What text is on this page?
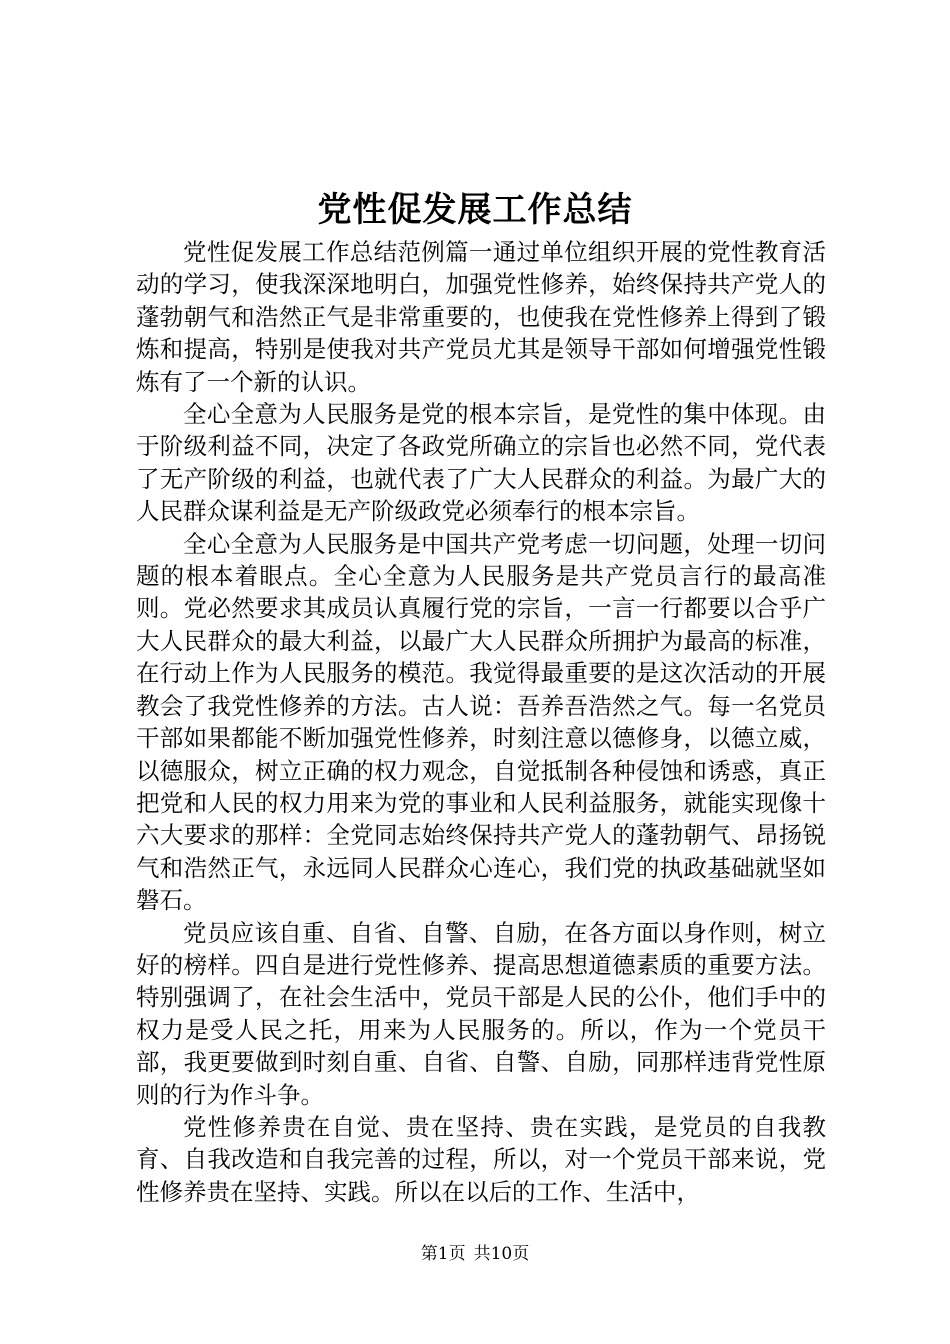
党性促发展工作总结

党性促发展工作总结范例篇一通过单位组织开展的党性教育活动的学习，使我深深地明白，加强党性修养，始终保持共产党人的蓬勃朝气和浩然正气是非常重要的，也使我在党性修养上得到了锻炼和提高，特别是使我对共产党员尤其是领导干部如何增强党性锻炼有了一个新的认识。

全心全意为人民服务是党的根本宗旨，是党性的集中体现。由于阶级利益不同，决定了各政党所确立的宗旨也必然不同，党代表了无产阶级的利益，也就代表了广大人民群众的利益。为最广大的人民群众谋利益是无产阶级政党必须奉行的根本宗旨。

全心全意为人民服务是中国共产党考虑一切问题，处理一切问题的根本着眼点。全心全意为人民服务是共产党员言行的最高准则。党必然要求其成员认真履行党的宗旨，一言一行都要以合乎广大人民群众的最大利益，以最广大人民群众所拥护为最高的标准，在行动上作为人民服务的模范。我觉得最重要的是这次活动的开展教会了我党性修养的方法。古人说：吾养吾浩然之气。每一名党员干部如果都能不断加强党性修养，时刻注意以德修身，以德立威，以德服众，树立正确的权力观念，自觉抵制各种侵蚀和诱惑，真正把党和人民的权力用来为党的事业和人民利益服务，就能实现像十六大要求的那样：全党同志始终保持共产党人的蓬勃朝气、昂扬锐气和浩然正气，永远同人民群众心连心，我们党的执政基础就坚如磐石。

党员应该自重、自省、自警、自励，在各方面以身作则，树立好的榜样。四自是进行党性修养、提高思想道德素质的重要方法。特别强调了，在社会生活中，党员干部是人民的公仆，他们手中的权力是受人民之托，用来为人民服务的。所以，作为一个党员干部，我更要做到时刻自重、自省、自警、自励，同那样违背党性原则的行为作斗争。

党性修养贵在自觉、贵在坚持、贵在实践，是党员的自我教育、自我改造和自我完善的过程，所以，对一个党员干部来说，党性修养贵在坚持、实践。所以在以后的工作、生活中，

第1页 共10页
